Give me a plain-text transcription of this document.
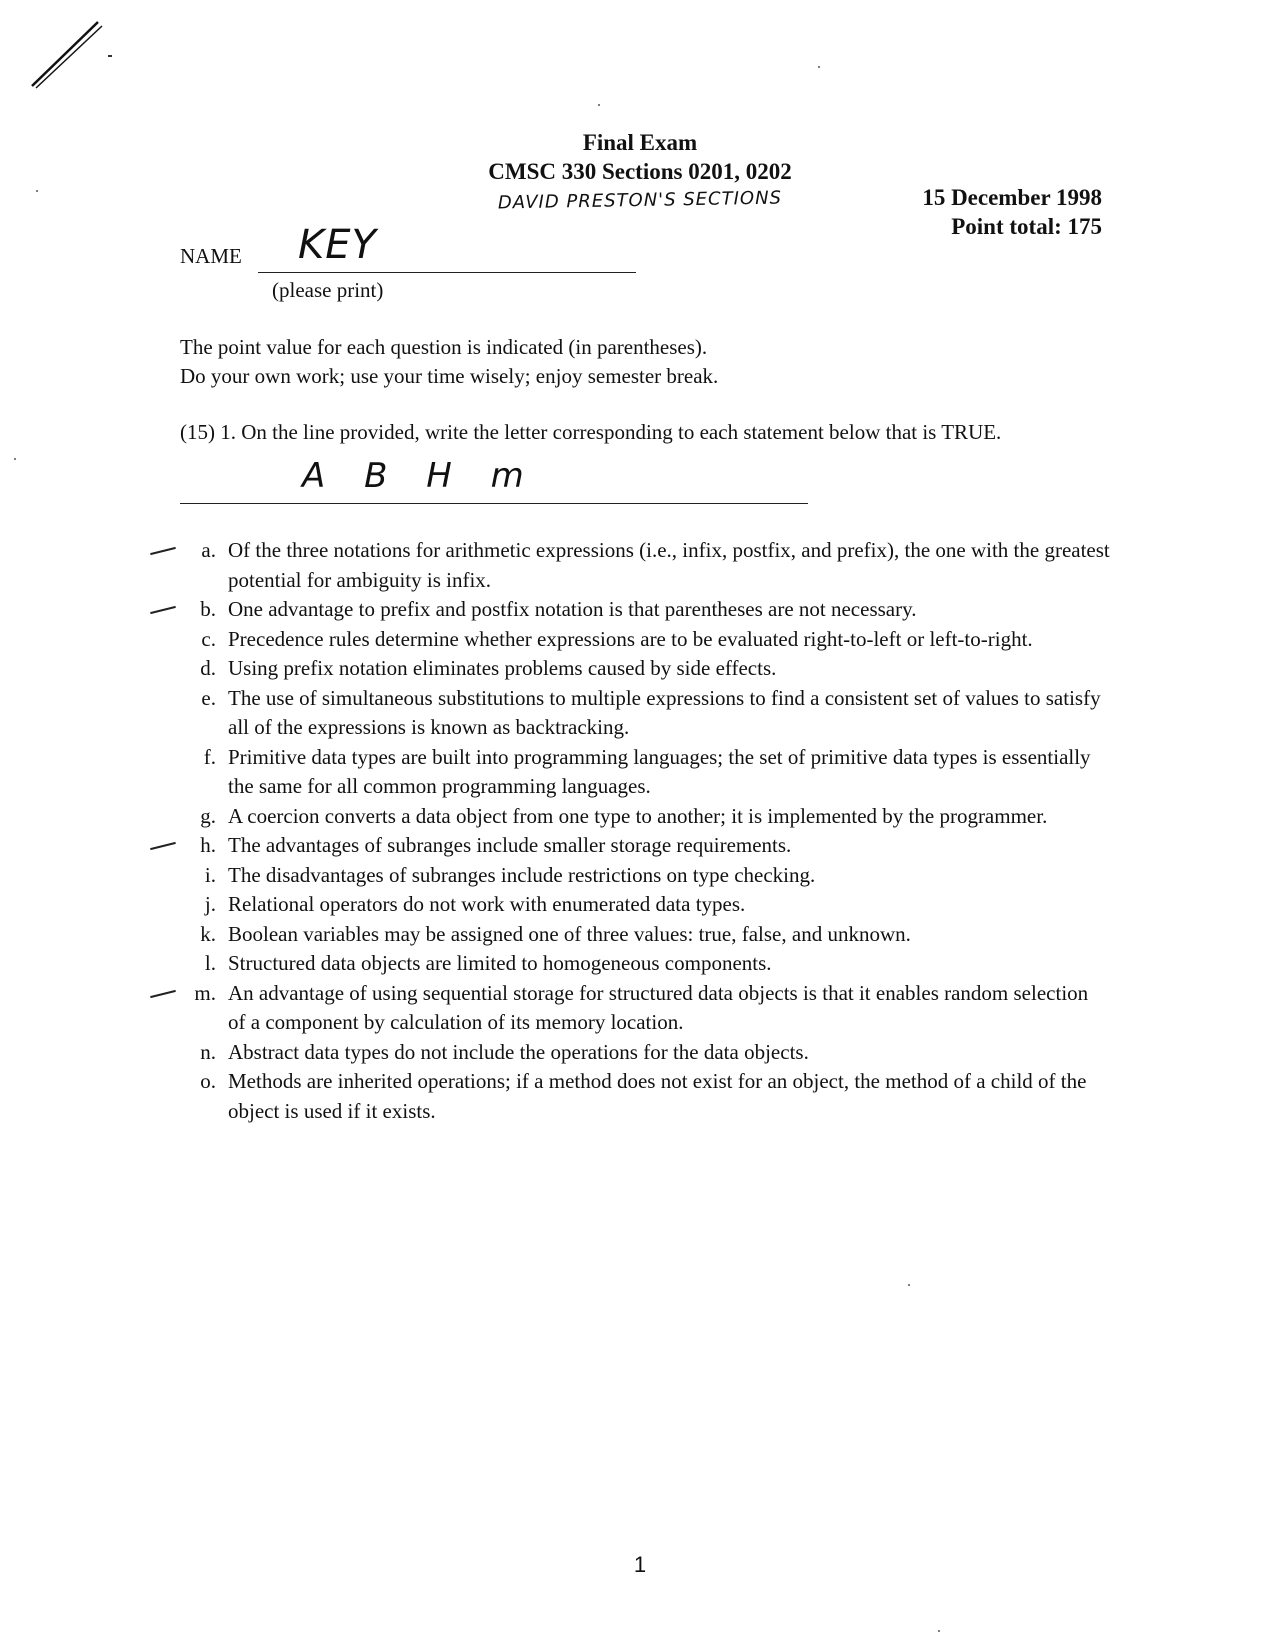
Final Exam
CMSC 330 Sections 0201, 0202
DAVID PRESTON'S SECTIONS	15 December 1998
Point total: 175
NAME KEY
(please print)
The point value for each question is indicated (in parentheses).
Do your own work; use your time wisely; enjoy semester break.
(15) 1. On the line provided, write the letter corresponding to each statement below that is TRUE.
A B H m
a. Of the three notations for arithmetic expressions (i.e., infix, postfix, and prefix), the one with the greatest potential for ambiguity is infix.
b. One advantage to prefix and postfix notation is that parentheses are not necessary.
c. Precedence rules determine whether expressions are to be evaluated right-to-left or left-to-right.
d. Using prefix notation eliminates problems caused by side effects.
e. The use of simultaneous substitutions to multiple expressions to find a consistent set of values to satisfy all of the expressions is known as backtracking.
f. Primitive data types are built into programming languages; the set of primitive data types is essentially the same for all common programming languages.
g. A coercion converts a data object from one type to another; it is implemented by the programmer.
h. The advantages of subranges include smaller storage requirements.
i. The disadvantages of subranges include restrictions on type checking.
j. Relational operators do not work with enumerated data types.
k. Boolean variables may be assigned one of three values: true, false, and unknown.
l. Structured data objects are limited to homogeneous components.
m. An advantage of using sequential storage for structured data objects is that it enables random selection of a component by calculation of its memory location.
n. Abstract data types do not include the operations for the data objects.
o. Methods are inherited operations; if a method does not exist for an object, the method of a child of the object is used if it exists.
1
